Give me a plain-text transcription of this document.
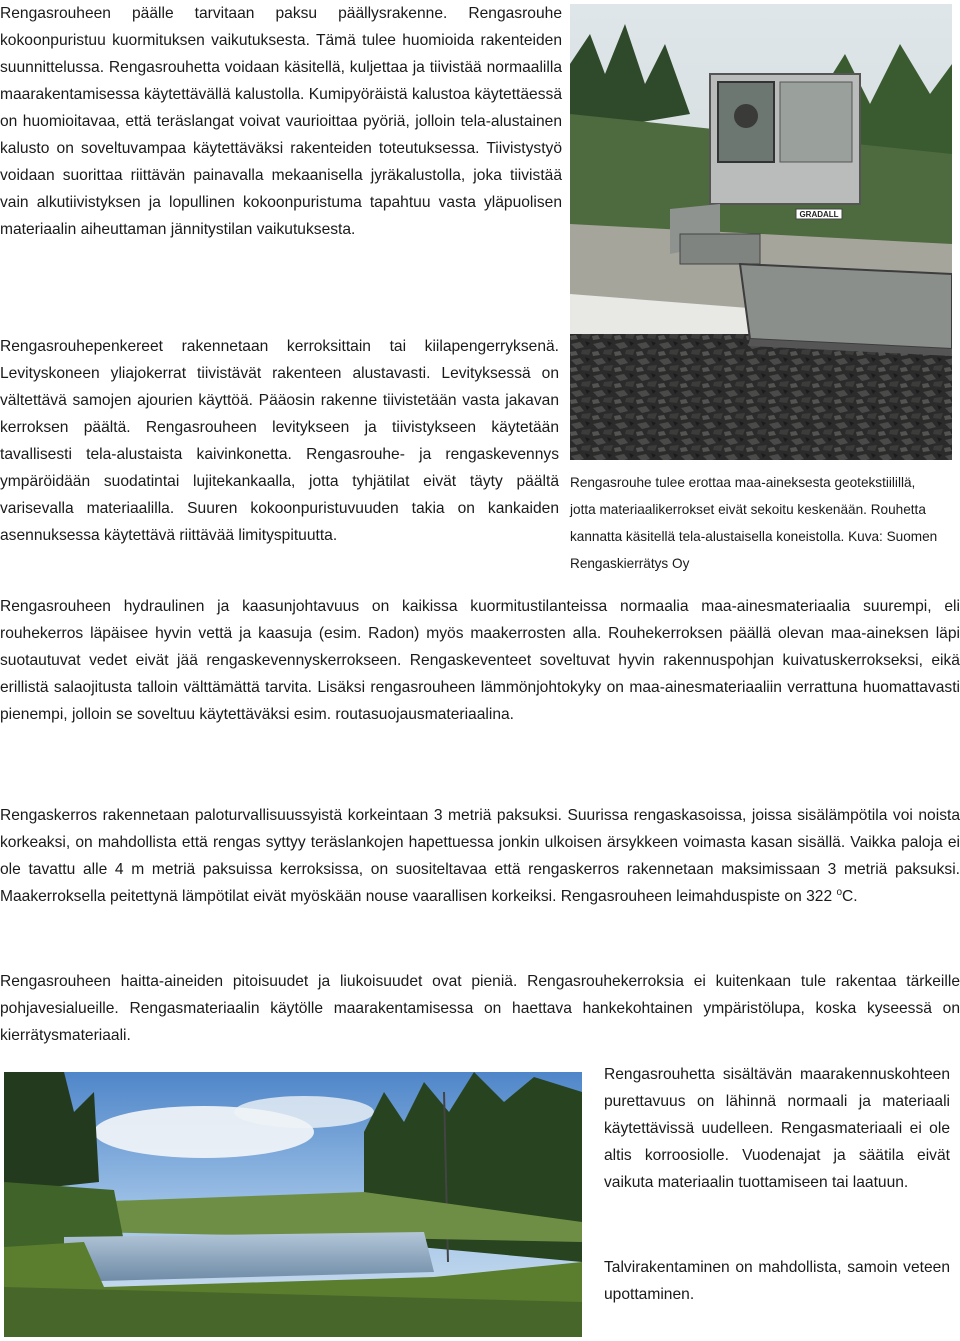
Rengasrouheen päälle tarvitaan paksu päällysrakenne. Rengasrouhe kokoonpuristuu kuormituksen vaikutuksesta. Tämä tulee huomioida rakenteiden suunnittelussa. Rengasrouhetta voidaan käsitellä, kuljettaa ja tiivistää normaalilla maarakentamisessa käytettävällä kalustolla. Kumipyöräistä kalustoa käytettäessä on huomioitavaa, että teräslangat voivat vaurioittaa pyöriä, jolloin tela-alustainen kalusto on soveltuvampaa käytettäväksi rakenteiden toteutuksessa. Tiivistystyö voidaan suorittaa riittävän painavalla mekaanisella jyräkalustolla, joka tiivistää vain alkutiivistyksen ja lopullinen kokoonpuristuma tapahtuu vasta yläpuolisen materiaalin aiheuttaman jännitystilan vaikutuksesta.

GRADALL

Rengasrouhepenkereet rakennetaan kerroksittain tai kiilapengerryksenä. Levityskoneen yliajokerrat tiivistävät rakenteen alustavasti. Levityksessä on vältettävä samojen ajourien käyttöä. Pääosin rakenne tiivistetään vasta jakavan kerroksen päältä. Rengasrouheen levitykseen ja tiivistykseen käytetään tavallisesti tela-alustaista kaivinkonetta. Rengasrouhe- ja rengaskevennys ympäröidään suodatintai lujitekankaalla, jotta tyhjätilat eivät täyty päältä varisevalla materiaalilla. Suuren kokoonpuristuvuuden takia on kankaiden asennuksessa käytettävä riittävää limityspituutta.

Rengasrouhe tulee erottaa maa-aineksesta geotekstiilillä, jotta materiaalikerrokset eivät sekoitu keskenään. Rouhetta kannatta käsitellä tela-alustaisella koneistolla. Kuva: Suomen Rengaskierrätys Oy

Rengasrouheen hydraulinen ja kaasunjohtavuus on kaikissa kuormitustilanteissa normaalia maa-ainesmateriaalia suurempi, eli rouhekerros läpäisee hyvin vettä ja kaasuja (esim. Radon) myös maakerrosten alla. Rouhekerroksen päällä olevan maa-aineksen läpi suotautuvat vedet eivät jää rengaskevennyskerrokseen. Rengaskeventeet soveltuvat hyvin rakennuspohjan kuivatuskerrokseksi, eikä erillistä salaojitusta talloin välttämättä tarvita. Lisäksi rengasrouheen lämmönjohtokyky on maa-ainesmateriaaliin verrattuna huomattavasti pienempi, jolloin se soveltuu käytettäväksi esim. routasuojausmateriaalina.

Rengaskerros rakennetaan paloturvallisuussyistä korkeintaan 3 metriä paksuksi. Suurissa rengaskasoissa, joissa sisälämpötila voi noista korkeaksi, on mahdollista että rengas syttyy teräslankojen hapettuessa jonkin ulkoisen ärsykkeen voimasta kasan sisällä. Vaikka paloja ei ole tavattu alle 4 m metriä paksuissa kerroksissa, on suositeltavaa että rengaskerros rakennetaan maksimissaan 3 metriä paksuksi. Maakerroksella peitettynä lämpötilat eivät myöskään nouse vaarallisen korkeiksi. Rengasrouheen leimahduspiste on 322 $^o$C.

Rengasrouheen haitta-aineiden pitoisuudet ja liukoisuudet ovat pieniä. Rengasrouhekerroksia ei kuitenkaan tule rakentaa tärkeille pohjavesialueille. Rengasmateriaalin käytölle maarakentamisessa on haettava hankekohtainen ympäristölupa, koska kyseessä on kierrätysmateriaali.

Rengasrouhetta sisältävän maarakennuskohteen purettavuus on lähinnä normaali ja materiaali käytettävissä uudelleen. Rengasmateriaali ei ole altis korroosiolle. Vuodenajat ja säätila eivät vaikuta materiaalin tuottamiseen tai laatuun.

Talvirakentaminen on mahdollista, samoin veteen upottaminen.
